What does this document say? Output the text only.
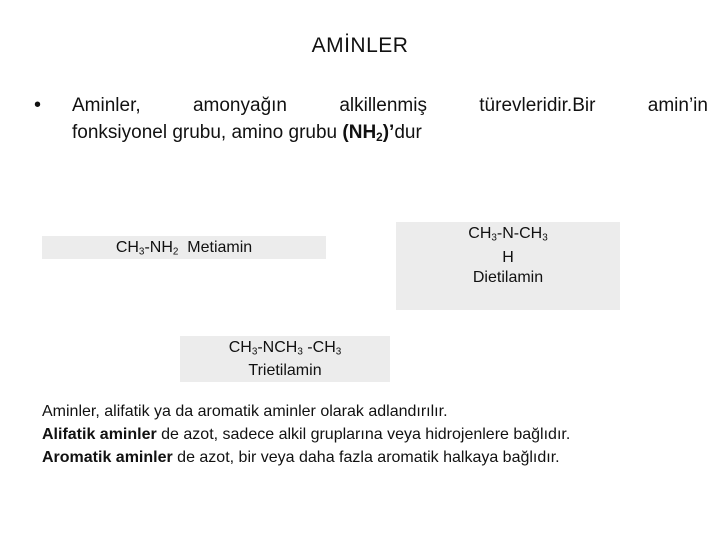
AMİNLER
• Aminler,	amonyağın	alkillenmiş	türevleridir.Bir	amin’in
fonksiyonel grubu, amino grubu $(NH_2)’dur$
$CH_3-NH_2$ Metiamin
$CH_3-N-CH_3$
H
Dietilamin
$CH_3-NCH_3$ $-CH_3$
Trietilamin
Aminler, alifatik ya da aromatik aminler olarak adlandırılır.
Alifatik aminler de azot, sadece alkil gruplarına veya hidrojenlere bağlıdır.
Aromatik aminler de azot, bir veya daha fazla aromatik halkaya bağlıdır.
